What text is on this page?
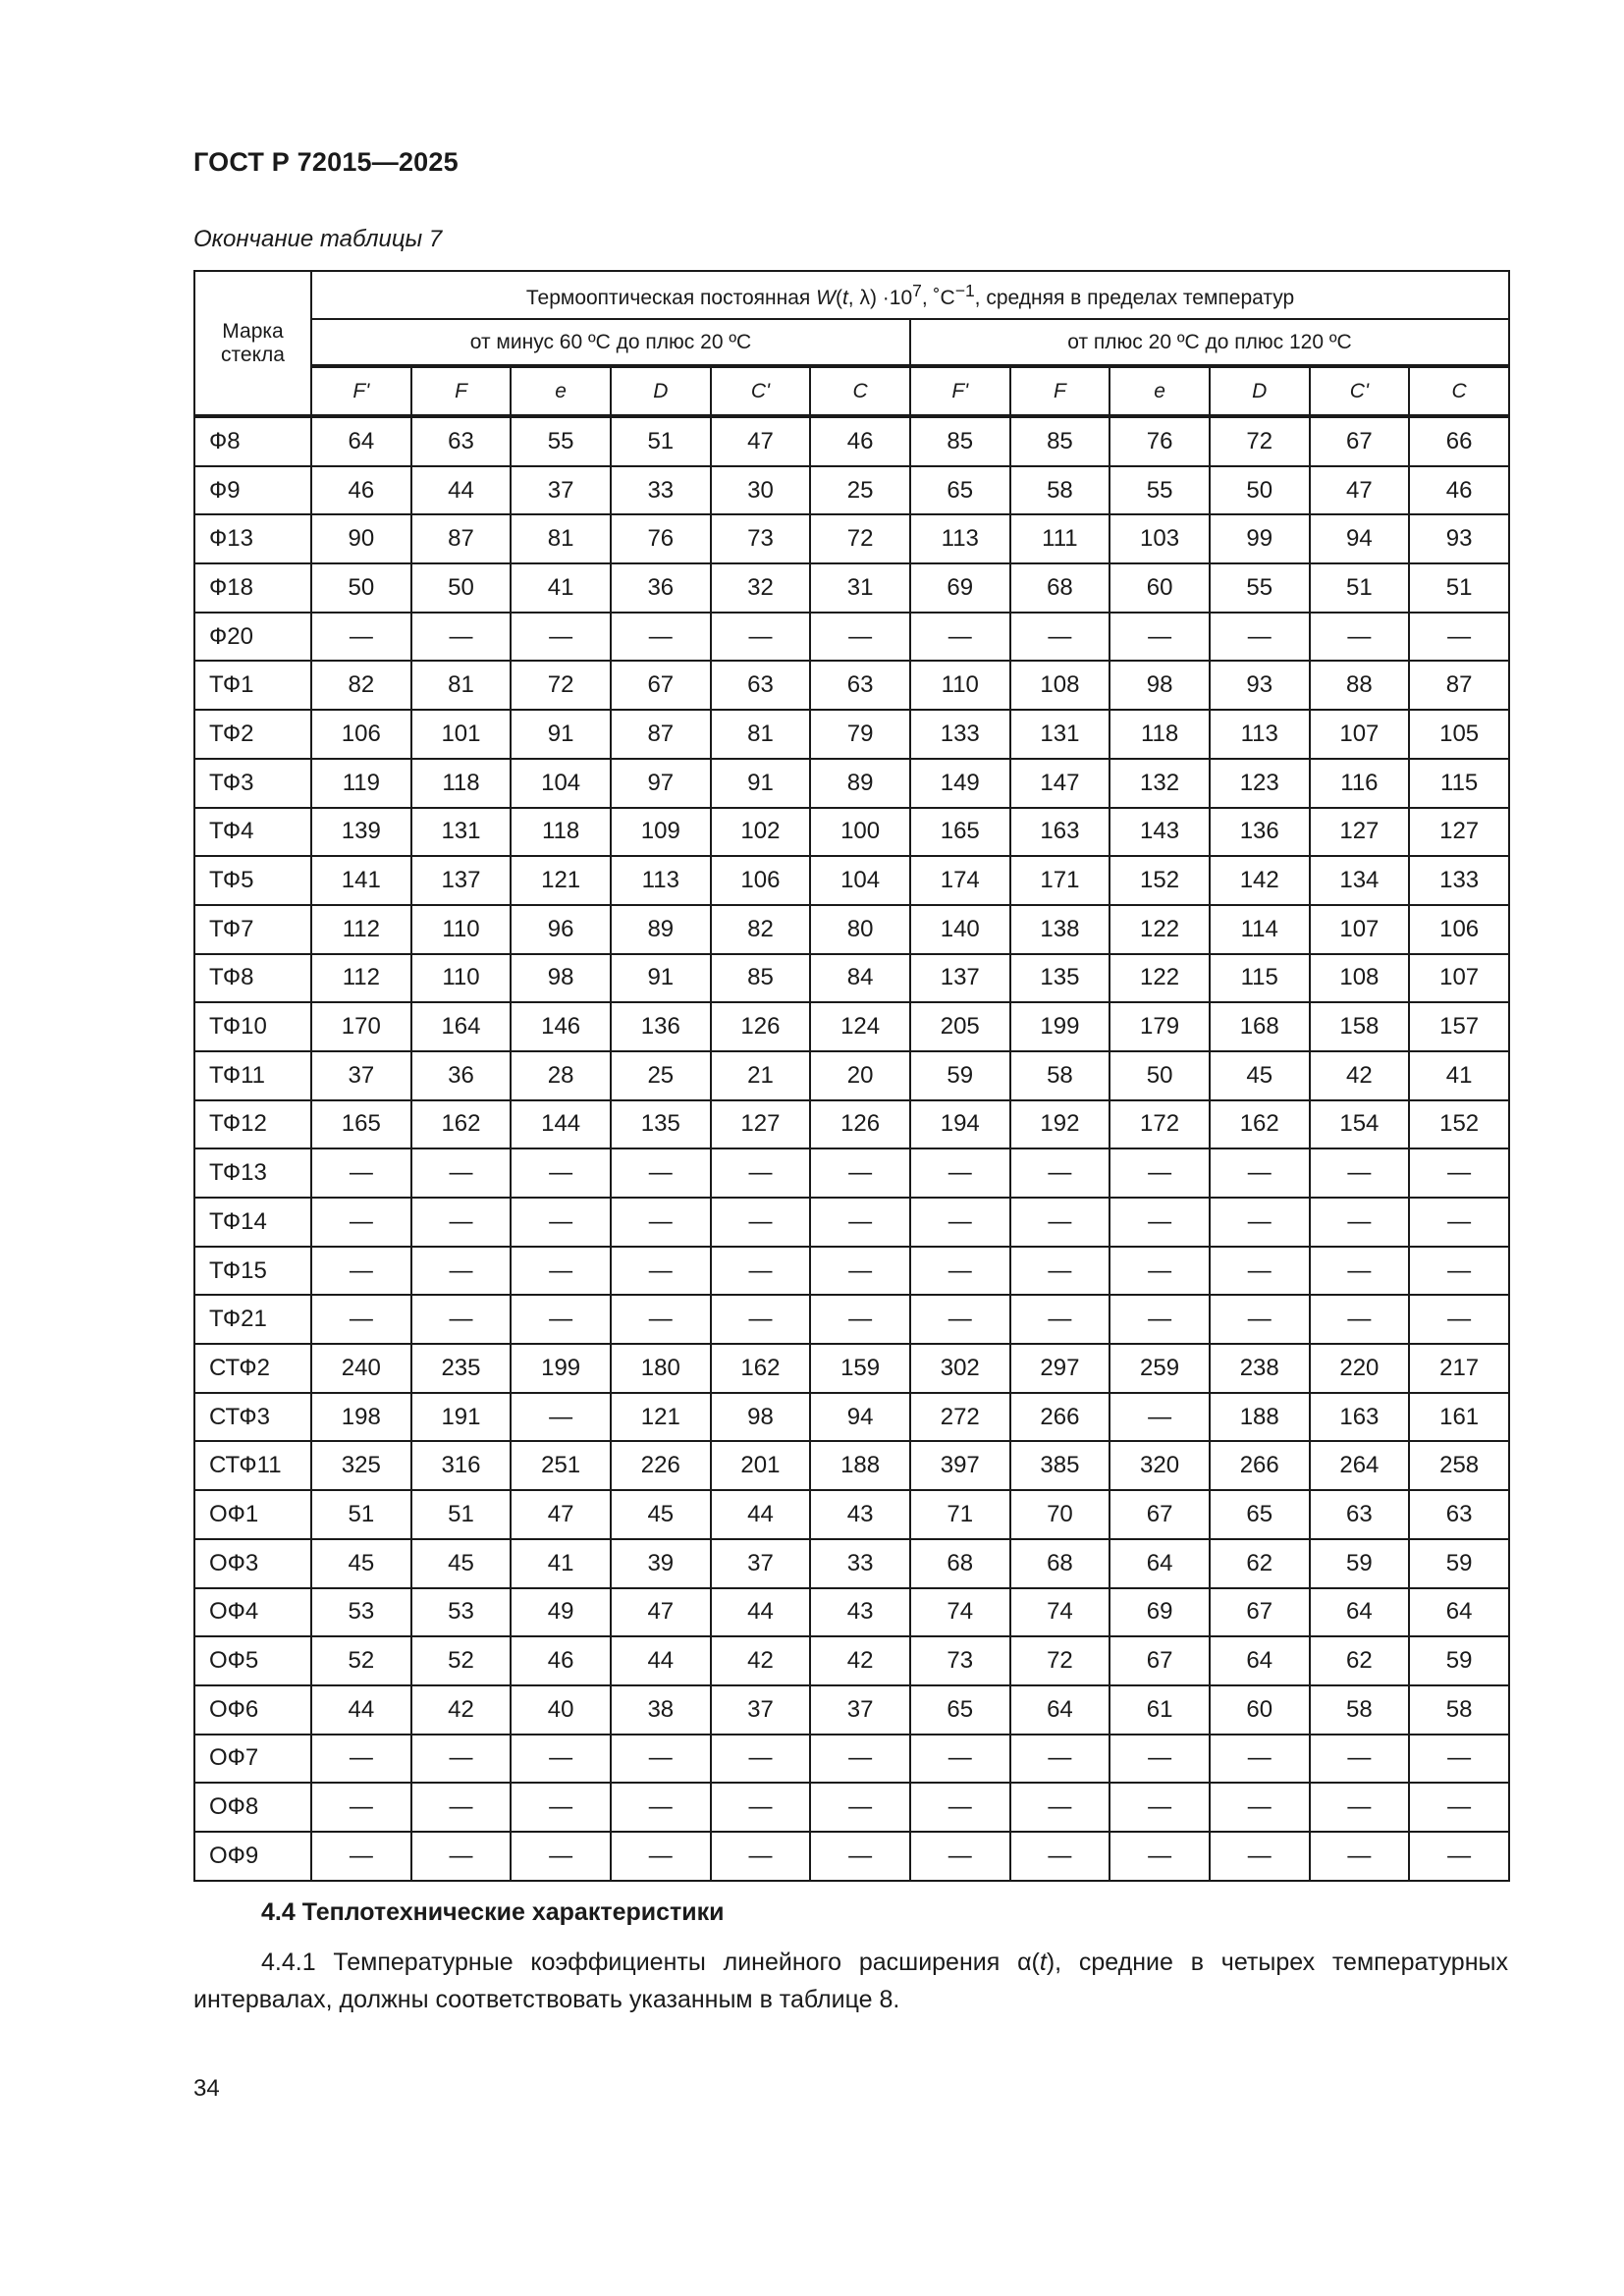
ГОСТ Р 72015—2025
Окончание таблицы 7
Марка
стекла	Термооптическая постоянная W(t, $\lambda) \cdot 10^7$, $˚С^{-1}$, средняя в пределах температур											
	от минус 60 ºС до плюс 20 ºС						от плюс 20 ºС до плюс 120 ºС					
	F'	F	e	D	C'	C	F'	F	e	D	C'	C
Ф8	64	63	55	51	47	46	85	85	76	72	67	66
Ф9	46	44	37	33	30	25	65	58	55	50	47	46
Ф13	90	87	81	76	73	72	113	111	103	99	94	93
Ф18	50	50	41	36	32	31	69	68	60	55	51	51
Ф20	—	—	—	—	—	—	—	—	—	—	—	—
ТФ1	82	81	72	67	63	63	110	108	98	93	88	87
ТФ2	106	101	91	87	81	79	133	131	118	113	107	105
ТФ3	119	118	104	97	91	89	149	147	132	123	116	115
ТФ4	139	131	118	109	102	100	165	163	143	136	127	127
ТФ5	141	137	121	113	106	104	174	171	152	142	134	133
ТФ7	112	110	96	89	82	80	140	138	122	114	107	106
ТФ8	112	110	98	91	85	84	137	135	122	115	108	107
ТФ10	170	164	146	136	126	124	205	199	179	168	158	157
ТФ11	37	36	28	25	21	20	59	58	50	45	42	41
ТФ12	165	162	144	135	127	126	194	192	172	162	154	152
ТФ13	—	—	—	—	—	—	—	—	—	—	—	—
ТФ14	—	—	—	—	—	—	—	—	—	—	—	—
ТФ15	—	—	—	—	—	—	—	—	—	—	—	—
ТФ21	—	—	—	—	—	—	—	—	—	—	—	—
СТФ2	240	235	199	180	162	159	302	297	259	238	220	217
СТФ3	198	191	—	121	98	94	272	266	—	188	163	161
СТФ11	325	316	251	226	201	188	397	385	320	266	264	258
ОФ1	51	51	47	45	44	43	71	70	67	65	63	63
ОФ3	45	45	41	39	37	33	68	68	64	62	59	59
ОФ4	53	53	49	47	44	43	74	74	69	67	64	64
ОФ5	52	52	46	44	42	42	73	72	67	64	62	59
ОФ6	44	42	40	38	37	37	65	64	61	60	58	58
ОФ7	—	—	—	—	—	—	—	—	—	—	—	—
ОФ8	—	—	—	—	—	—	—	—	—	—	—	—
ОФ9	—	—	—	—	—	—	—	—	—	—	—	—
4.4 Теплотехнические характеристики
4.4.1 Температурные коэффициенты линейного расширения α(t), средние в четырех температурных интервалах, должны соответствовать указанным в таблице 8.
34
